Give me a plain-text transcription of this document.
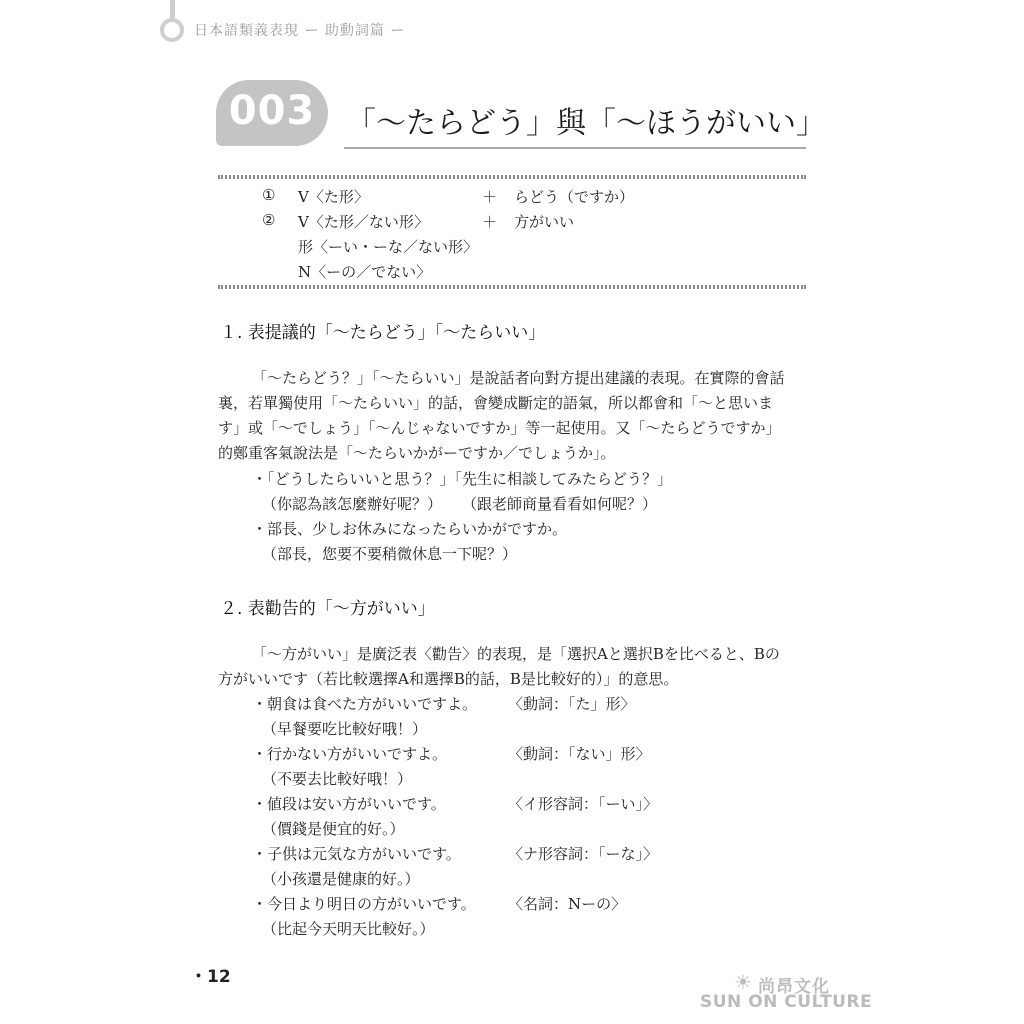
日本語類義表現 ー 助動詞篇 ー
003	「〜たらどう」與「〜ほうがいい」
① V〈た形〉	＋ らどう（ですか）
② V〈た形／ない形〉	＋ 方がいい
形〈ーい・ーな／ない形〉
N〈ーの／でない〉
１. 表提議的「〜たらどう」「〜たらいい」
「〜たらどう？」「〜たらいい」是說話者向對方提出建議的表現。在實際的會話
裏，若單獨使用「〜たらいい」的話，會變成斷定的語氣，所以都會和「〜と思いま
す」或「〜でしょう」「〜んじゃないですか」等一起使用。又「〜たらどうですか」
的鄭重客氣說法是「〜たらいかがーですか／でしょうか」。
・「どうしたらいいと思う？」「先生に相談してみたらどう？」
（你認為該怎麼辦好呢？） （跟老師商量看看如何呢？）
・部長、少しお休みになったらいかがですか。
（部長，您要不要稍微休息一下呢？）
２. 表勸告的「〜方がいい」
「〜方がいい」是廣泛表〈勸告〉的表現，是「選択Aと選択Bを比べると、Bの
方がいいです（若比較選擇A和選擇B的話，B是比較好的）」的意思。
・朝食は食べた方がいいですよ。 〈動詞：「た」形〉
（早餐要吃比較好哦！）
・行かない方がいいですよ。	〈動詞：「ない」形〉
（不要去比較好哦！）
・値段は安い方がいいです。	〈イ形容詞：「ーい」〉
（價錢是便宜的好。）
・子供は元気な方がいいです。	〈ナ形容詞：「ーな」〉
（小孩還是健康的好。）
・今日より明日の方がいいです。 〈名詞：Nーの〉
（比起今天明天比較好。）
・12	☀ 尚昂文化
SUN ON CULTURE
